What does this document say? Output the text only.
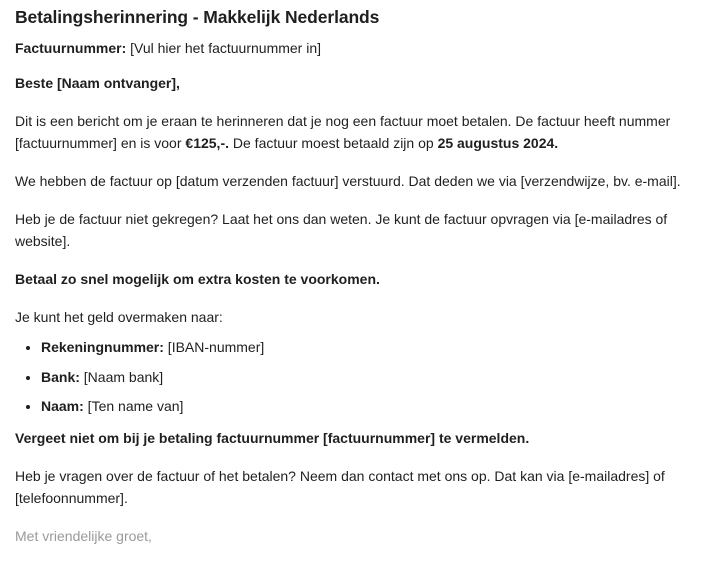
Betalingsherinnering - Makkelijk Nederlands

Factuurnummer: [Vul hier het factuurnummer in]

Beste [Naam ontvanger],

Dit is een bericht om je eraan te herinneren dat je nog een factuur moet betalen. De factuur heeft nummer [factuurnummer] en is voor €125,-. De factuur moest betaald zijn op 25 augustus 2024.

We hebben de factuur op [datum verzenden factuur] verstuurd. Dat deden we via [verzendwijze, bv. e-mail].

Heb je de factuur niet gekregen? Laat het ons dan weten. Je kunt de factuur opvragen via [e-mailadres of website].

Betaal zo snel mogelijk om extra kosten te voorkomen.

Je kunt het geld overmaken naar:

• Rekeningnummer: [IBAN-nummer]
• Bank: [Naam bank]
• Naam: [Ten name van]

Vergeet niet om bij je betaling factuurnummer [factuurnummer] te vermelden.

Heb je vragen over de factuur of het betalen? Neem dan contact met ons op. Dat kan via [e-mailadres] of [telefoonnummer].

Met vriendelijke groet,
